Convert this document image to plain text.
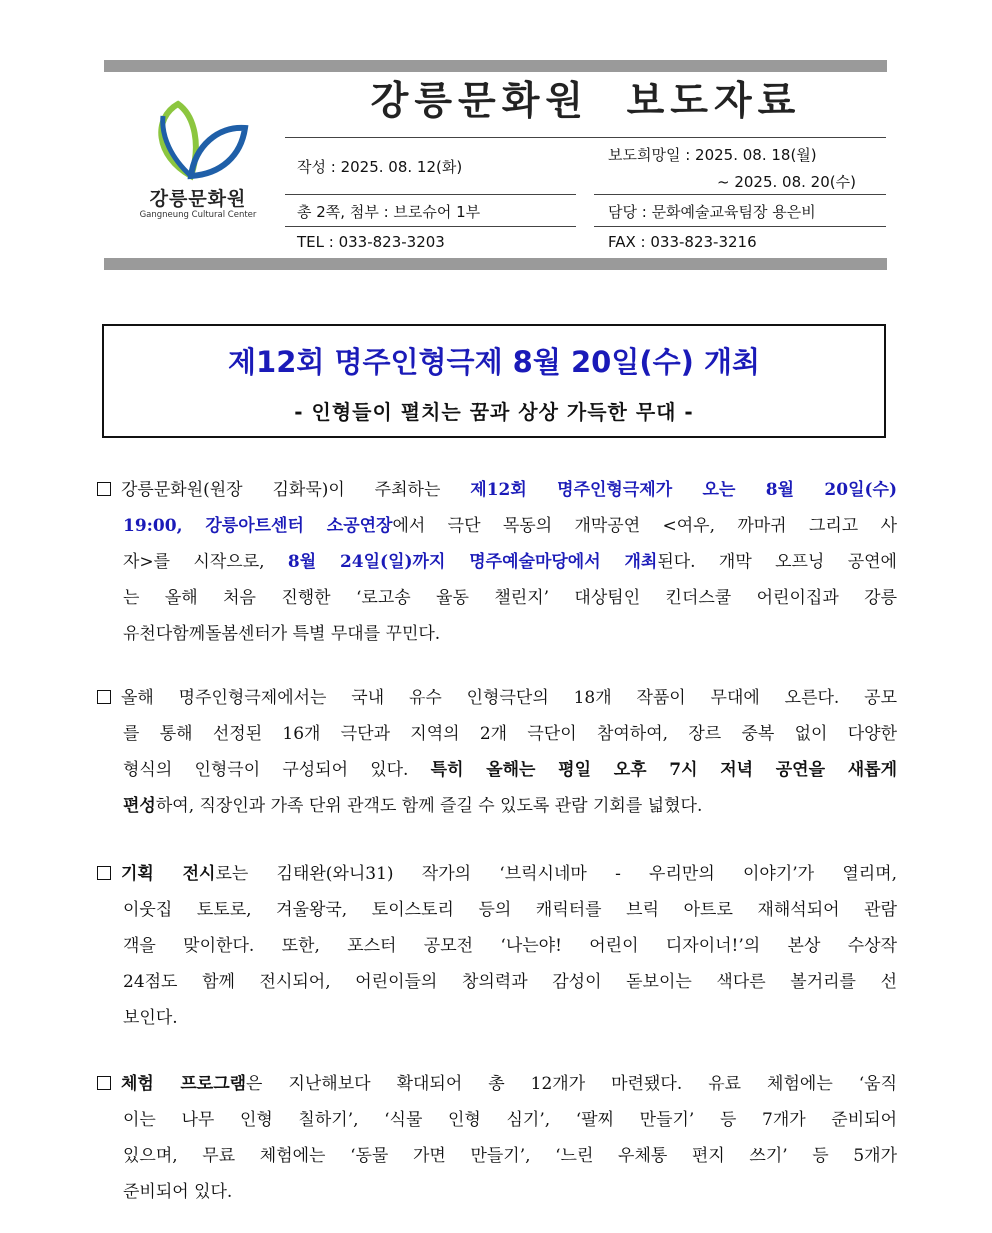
강릉문화원
Gangneung Cultural Center
강릉문화원 보도자료
작성 : 2025. 08. 12(화)
보도희망일 : 2025. 08. 18(월)
~ 2025. 08. 20(수)
총 2쪽, 첨부 : 브로슈어 1부	담당 : 문화예술교육팀장 용은비
TEL : 033-823-3203	FAX : 033-823-3216
제12회 명주인형극제 8월 20일(수) 개최
- 인형들이 펼치는 꿈과 상상 가득한 무대 -
강릉문화원(원장 김화묵)이 주최하는 제12회 명주인형극제가 오는 8월 20일(수)
19:00, 강릉아트센터 소공연장에서 극단 목동의 개막공연 <여우, 까마귀 그리고 사
자>를 시작으로, 8월 24일(일)까지 명주예술마당에서 개최된다. 개막 오프닝 공연에
는 올해 처음 진행한 ‘로고송 율동 챌린지’ 대상팀인 킨더스쿨 어린이집과 강릉
유천다함께돌봄센터가 특별 무대를 꾸민다.
올해 명주인형극제에서는 국내 유수 인형극단의 18개 작품이 무대에 오른다. 공모
를 통해 선정된 16개 극단과 지역의 2개 극단이 참여하여, 장르 중복 없이 다양한
형식의 인형극이 구성되어 있다. 특히 올해는 평일 오후 7시 저녁 공연을 새롭게
편성하여, 직장인과 가족 단위 관객도 함께 즐길 수 있도록 관람 기회를 넓혔다.
기획 전시로는 김태완(와니31) 작가의 ‘브릭시네마 - 우리만의 이야기’가 열리며,
이웃집 토토로, 겨울왕국, 토이스토리 등의 캐릭터를 브릭 아트로 재해석되어 관람
객을 맞이한다. 또한, 포스터 공모전 ‘나는야! 어린이 디자이너!’의 본상 수상작
24점도 함께 전시되어, 어린이들의 창의력과 감성이 돋보이는 색다른 볼거리를 선
보인다.
체험 프로그램은 지난해보다 확대되어 총 12개가 마련됐다. 유료 체험에는 ‘움직
이는 나무 인형 칠하기’, ‘식물 인형 심기’, ‘팔찌 만들기’ 등 7개가 준비되어
있으며, 무료 체험에는 ‘동물 가면 만들기’, ‘느린 우체통 편지 쓰기’ 등 5개가
준비되어 있다.
